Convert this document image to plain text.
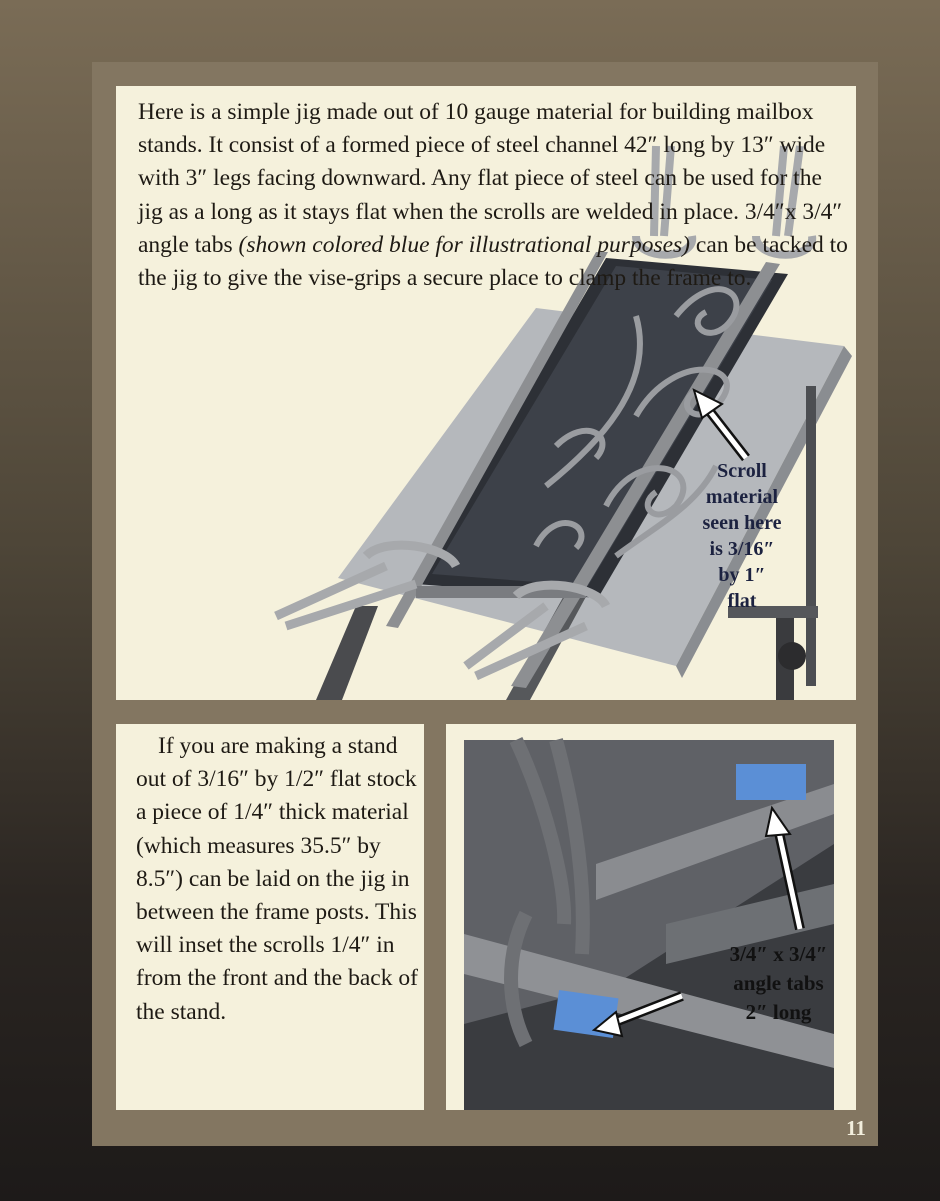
Here is a simple jig made out of 10 gauge material for building mailbox stands. It consist of a formed piece of steel channel 42″ long by 13″ wide with 3″ legs facing downward. Any flat piece of steel can be used for the jig as a long as it stays flat when the scrolls are welded in place. 3/4″x 3/4″ angle tabs (shown colored blue for illustrational purposes) can be tacked to the jig to give the vise-grips a secure place to clamp the frame to.
Scroll
material
seen here
is 3/16″
by 1″
flat
If you are making a stand out of 3/16″ by 1/2″ flat stock a piece of 1/4″ thick material (which measures 35.5″ by 8.5″) can be laid on the jig in between the frame posts. This will inset the scrolls 1/4″ in from the front and the back of the stand.
3/4″ x 3/4″
angle tabs
2″ long
11
